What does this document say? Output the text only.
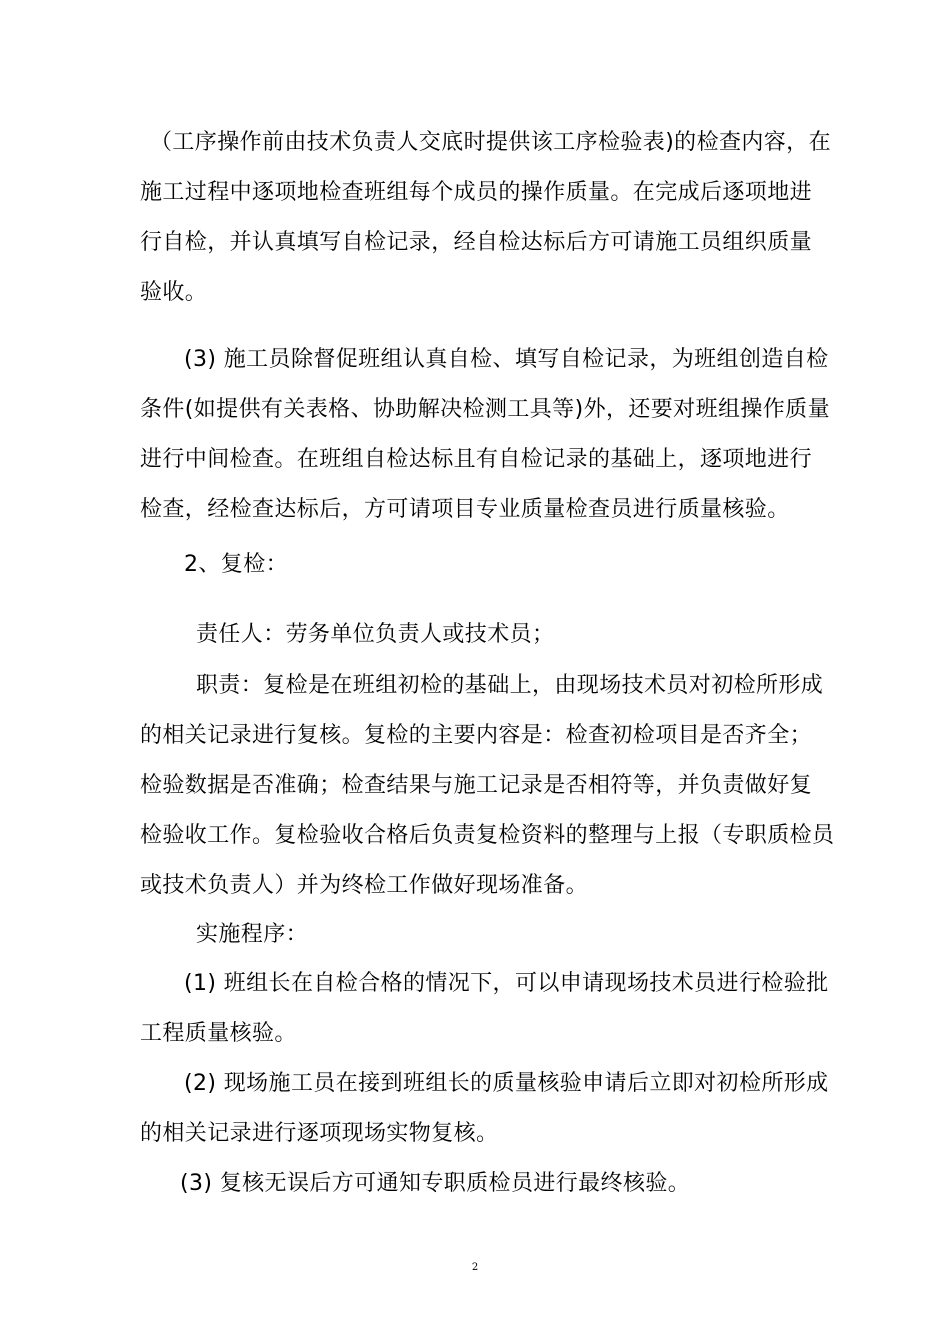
（工序操作前由技术负责人交底时提供该工序检验表)的检查内容，在
施工过程中逐项地检查班组每个成员的操作质量。在完成后逐项地进
行自检，并认真填写自检记录，经自检达标后方可请施工员组织质量
验收。
(3) 施工员除督促班组认真自检、填写自检记录，为班组创造自检
条件(如提供有关表格、协助解决检测工具等)外，还要对班组操作质量
进行中间检查。在班组自检达标且有自检记录的基础上，逐项地进行
检查，经检查达标后，方可请项目专业质量检查员进行质量核验。
2、复检：
责任人：劳务单位负责人或技术员；
职责：复检是在班组初检的基础上，由现场技术员对初检所形成
的相关记录进行复核。复检的主要内容是：检查初检项目是否齐全；
检验数据是否准确；检查结果与施工记录是否相符等，并负责做好复
检验收工作。复检验收合格后负责复检资料的整理与上报（专职质检员
或技术负责人）并为终检工作做好现场准备。
实施程序：
(1) 班组长在自检合格的情况下，可以申请现场技术员进行检验批
工程质量核验。
(2) 现场施工员在接到班组长的质量核验申请后立即对初检所形成
的相关记录进行逐项现场实物复核。
(3) 复核无误后方可通知专职质检员进行最终核验。
2
